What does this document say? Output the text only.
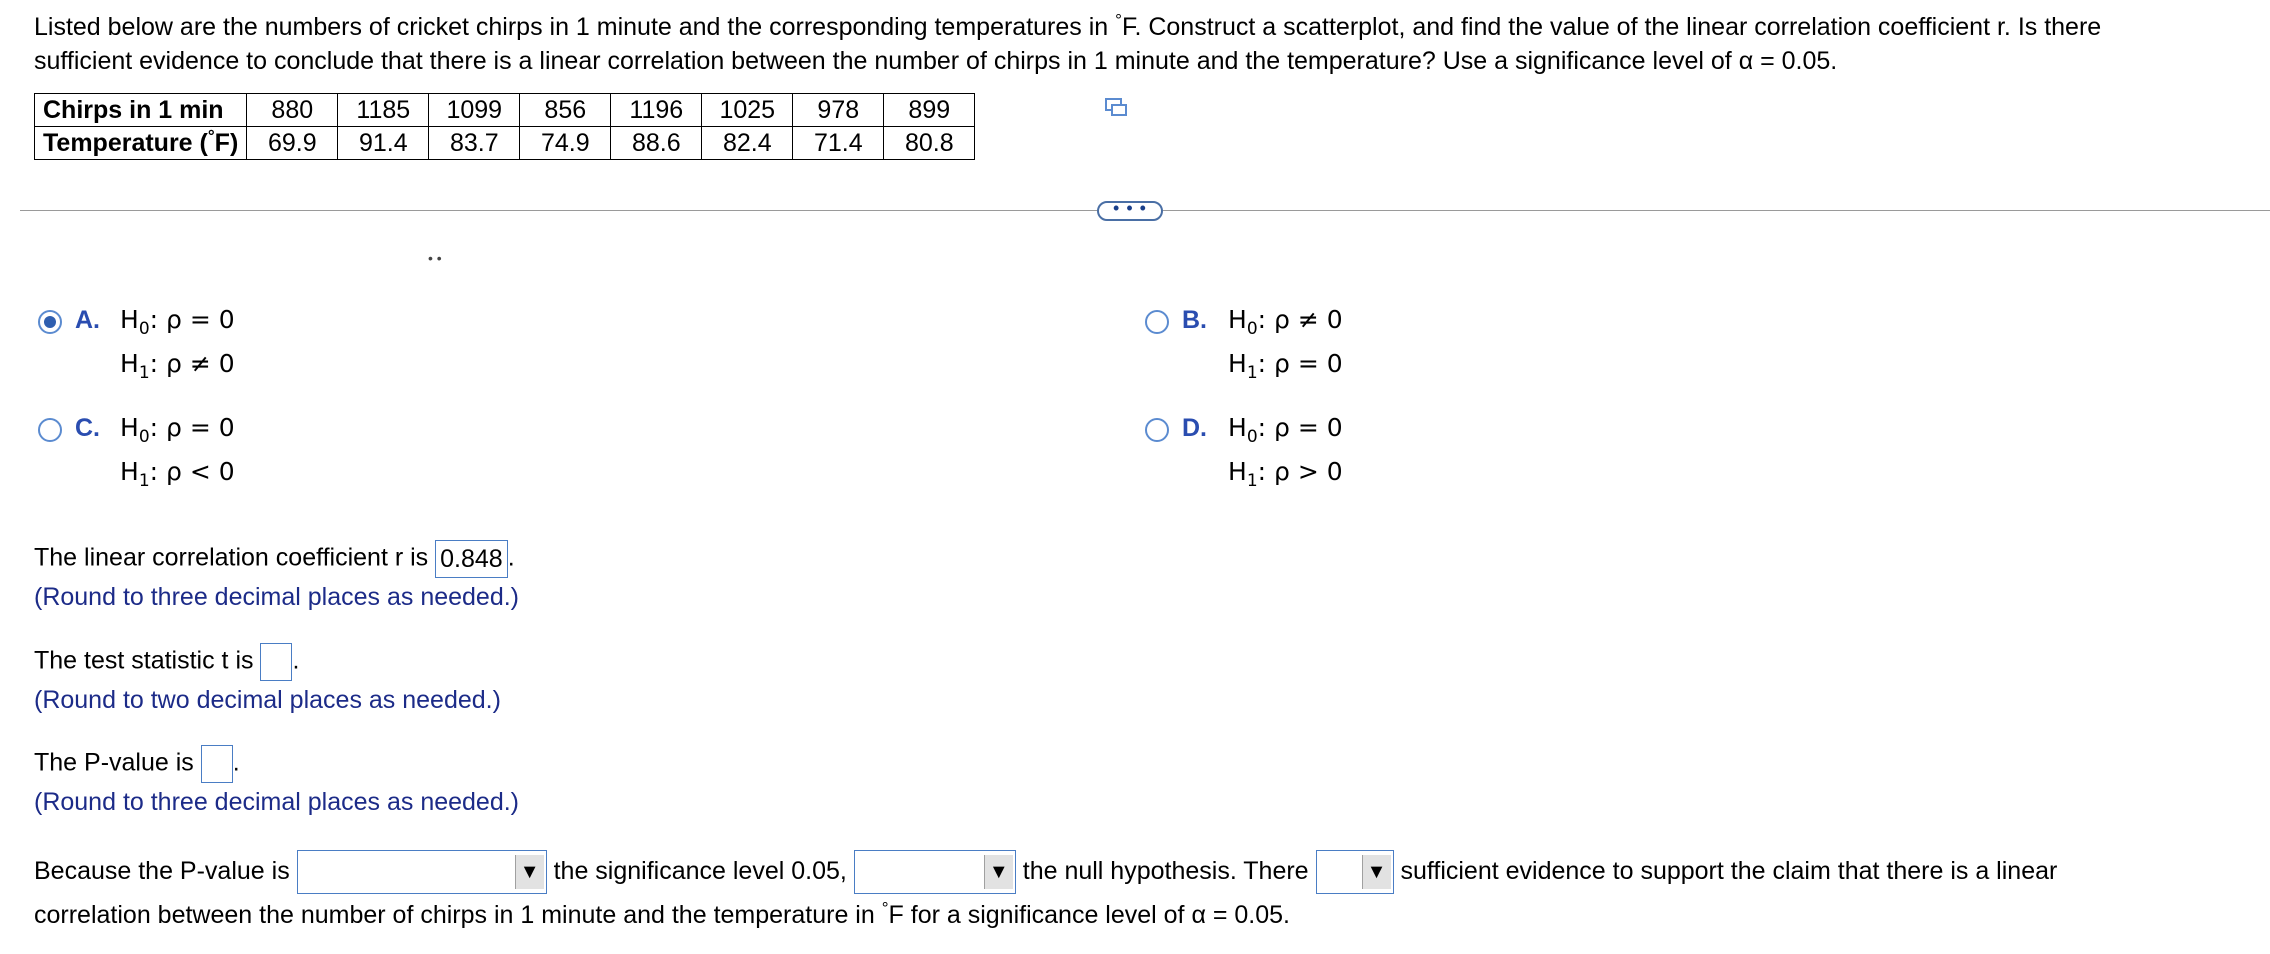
Listed below are the numbers of cricket chirps in 1 minute and the corresponding temperatures in °F. Construct a scatterplot, and find the value of the linear correlation coefficient r. Is there
sufficient evidence to conclude that there is a linear correlation between the number of chirps in 1 minute and the temperature? Use a significance level of α = 0.05.
Chirps in 1 min	880	1185	1099	856	1196	1025	978	899
Temperature (°F)	69.9	91.4	83.7	74.9	88.6	82.4	71.4	80.8
• • •
• •
A. $H_0$: ρ = 0
$H_1$: ρ ≠ 0
B. $H_0$: ρ ≠ 0
$H_1$: ρ = 0
C. $H_0$: ρ = 0
$H_1$: ρ < 0
D. $H_0$: ρ = 0
$H_1$: ρ > 0
The linear correlation coefficient r is 0.848 .
(Round to three decimal places as needed.)
The test statistic t is .
(Round to two decimal places as needed.)
The P-value is .
(Round to three decimal places as needed.)
Because the P-value is	▼ the significance level 0.05,	▼ the null hypothesis. There	▼ sufficient evidence to support the claim that there is a linear
correlation between the number of chirps in 1 minute and the temperature in °F for a significance level of α = 0.05.
